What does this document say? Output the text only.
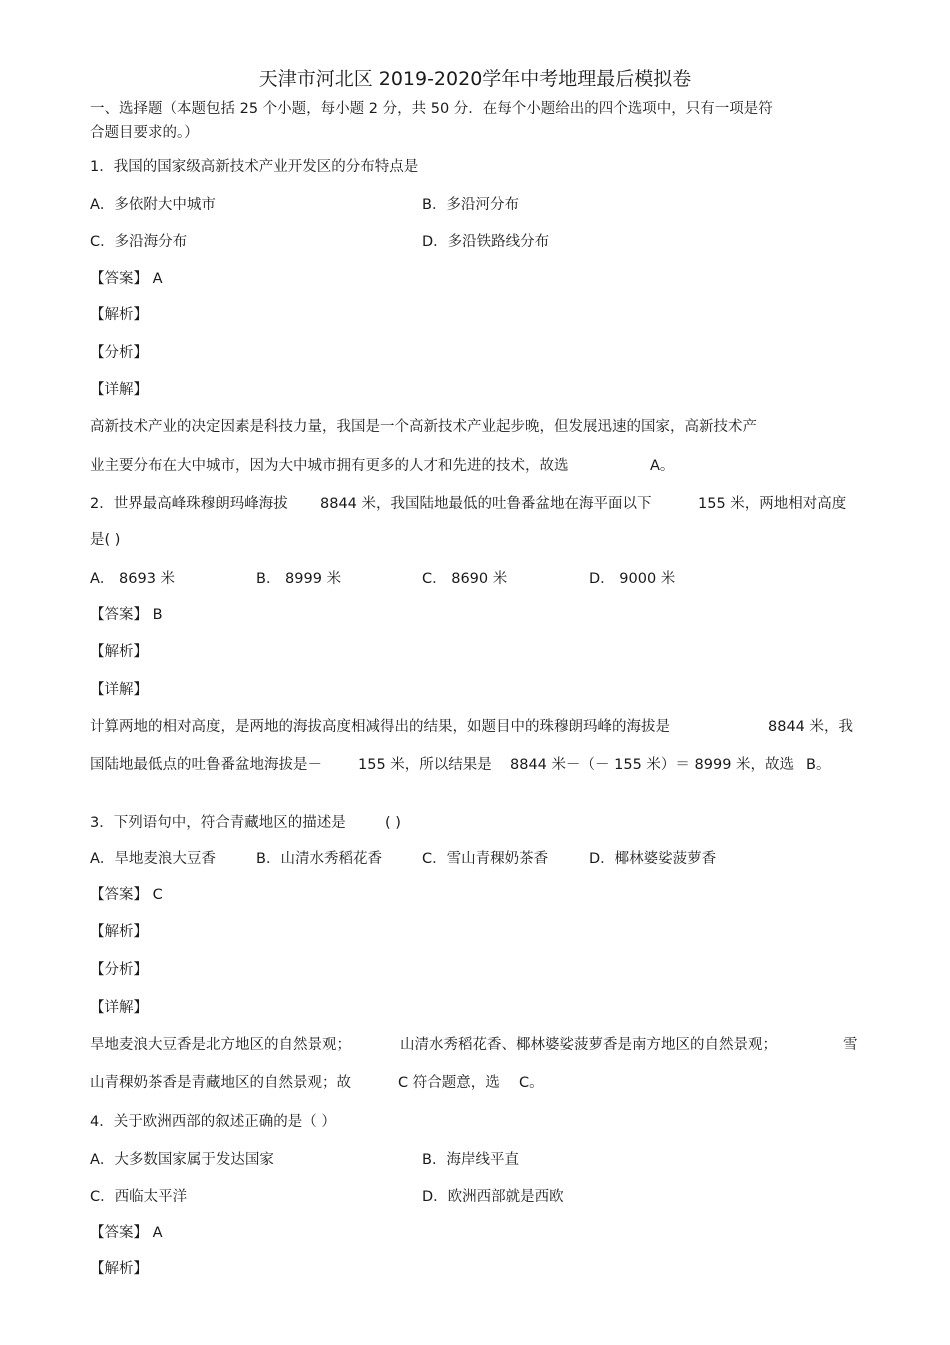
天津市河北区 2019-2020学年中考地理最后模拟卷
一、选择题（本题包括 25 个小题，每小题 2 分，共 50 分．在每个小题给出的四个选项中，只有一项是符
合题目要求的。）
1．我国的国家级高新技术产业开发区的分布特点是
A．多依附大中城市	B．多沿河分布
C．多沿海分布	D．多沿铁路线分布
【答案】 A
【解析】
【分析】
【详解】
高新技术产业的决定因素是科技力量，我国是一个高新技术产业起步晚，但发展迅速的国家，高新技术产
业主要分布在大中城市，因为大中城市拥有更多的人才和先进的技术，故选	A。
2．世界最高峰珠穆朗玛峰海拔 8844 米，我国陆地最低的吐鲁番盆地在海平面以下	155 米，两地相对高度
是( )
A． 8693 米	B． 8999 米	C． 8690 米	D． 9000 米
【答案】 B
【解析】
【详解】
计算两地的相对高度，是两地的海拔高度相减得出的结果，如题目中的珠穆朗玛峰的海拔是	8844 米，我
国陆地最低点的吐鲁番盆地海拔是－ 155 米，所以结果是 8844 米－（－ 155 米）＝ 8999 米，故选 B。
3．下列语句中，符合青藏地区的描述是	( )
A．旱地麦浪大豆香	B．山清水秀稻花香	C．雪山青稞奶茶香	D．椰林婆娑菠萝香
【答案】 C
【解析】
【分析】
【详解】
旱地麦浪大豆香是北方地区的自然景观；	山清水秀稻花香、椰林婆娑菠萝香是南方地区的自然景观；	雪
山青稞奶茶香是青藏地区的自然景观；故	C 符合题意，选 C。
4．关于欧洲西部的叙述正确的是（ ）
A．大多数国家属于发达国家	B．海岸线平直
C．西临太平洋	D．欧洲西部就是西欧
【答案】 A
【解析】
